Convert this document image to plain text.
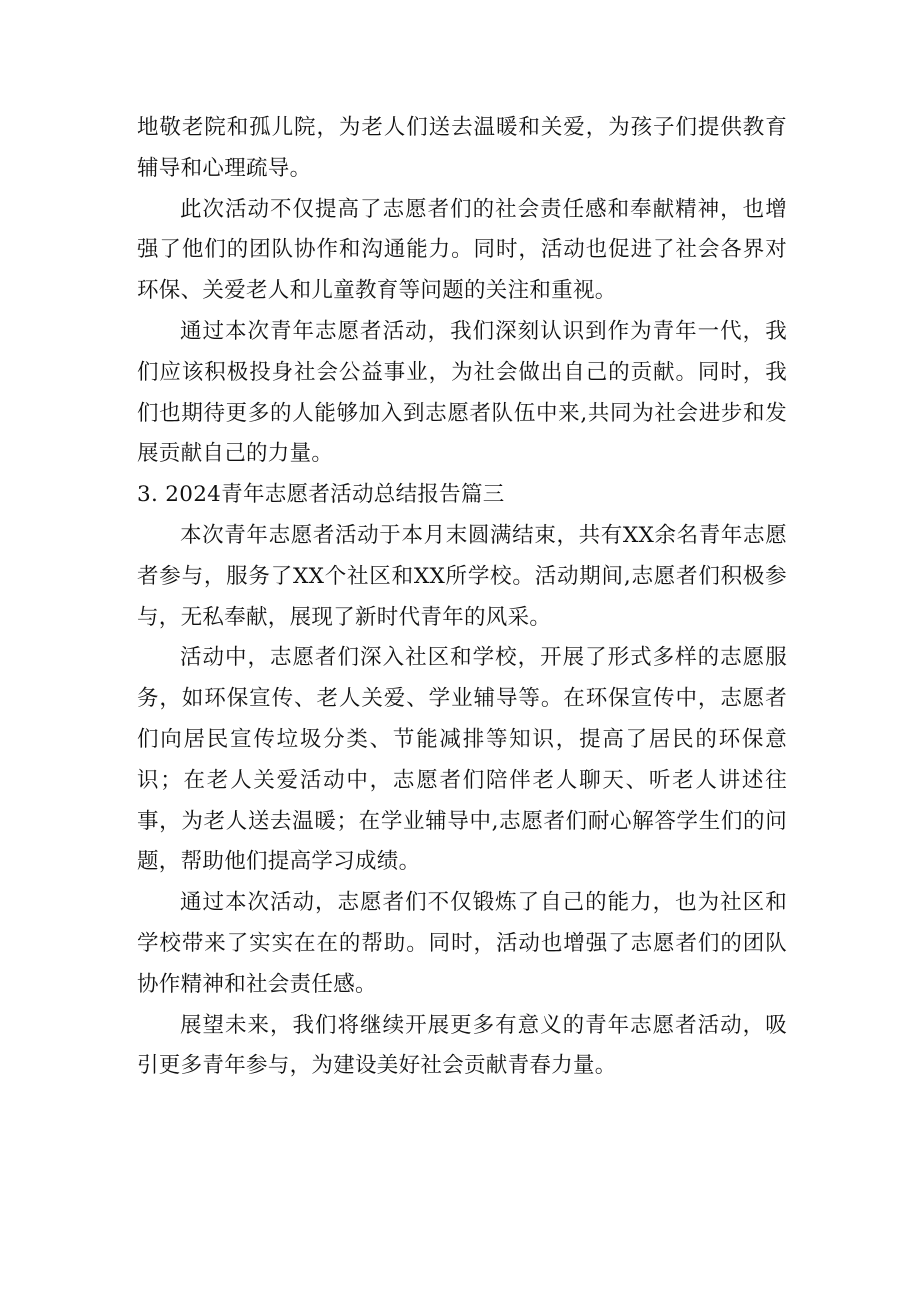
地敬老院和孤儿院，为老人们送去温暖和关爱，为孩子们提供教育辅导和心理疏导。

此次活动不仅提高了志愿者们的社会责任感和奉献精神，也增强了他们的团队协作和沟通能力。同时，活动也促进了社会各界对环保、关爱老人和儿童教育等问题的关注和重视。

通过本次青年志愿者活动，我们深刻认识到作为青年一代，我们应该积极投身社会公益事业，为社会做出自己的贡献。同时，我们也期待更多的人能够加入到志愿者队伍中来,共同为社会进步和发展贡献自己的力量。

3. 2024青年志愿者活动总结报告篇三

本次青年志愿者活动于本月末圆满结束，共有XX余名青年志愿者参与，服务了XX个社区和XX所学校。活动期间,志愿者们积极参与，无私奉献，展现了新时代青年的风采。

活动中，志愿者们深入社区和学校，开展了形式多样的志愿服务，如环保宣传、老人关爱、学业辅导等。在环保宣传中，志愿者们向居民宣传垃圾分类、节能减排等知识，提高了居民的环保意识；在老人关爱活动中，志愿者们陪伴老人聊天、听老人讲述往事，为老人送去温暖；在学业辅导中,志愿者们耐心解答学生们的问题，帮助他们提高学习成绩。

通过本次活动，志愿者们不仅锻炼了自己的能力，也为社区和学校带来了实实在在的帮助。同时，活动也增强了志愿者们的团队协作精神和社会责任感。

展望未来，我们将继续开展更多有意义的青年志愿者活动，吸引更多青年参与，为建设美好社会贡献青春力量。
